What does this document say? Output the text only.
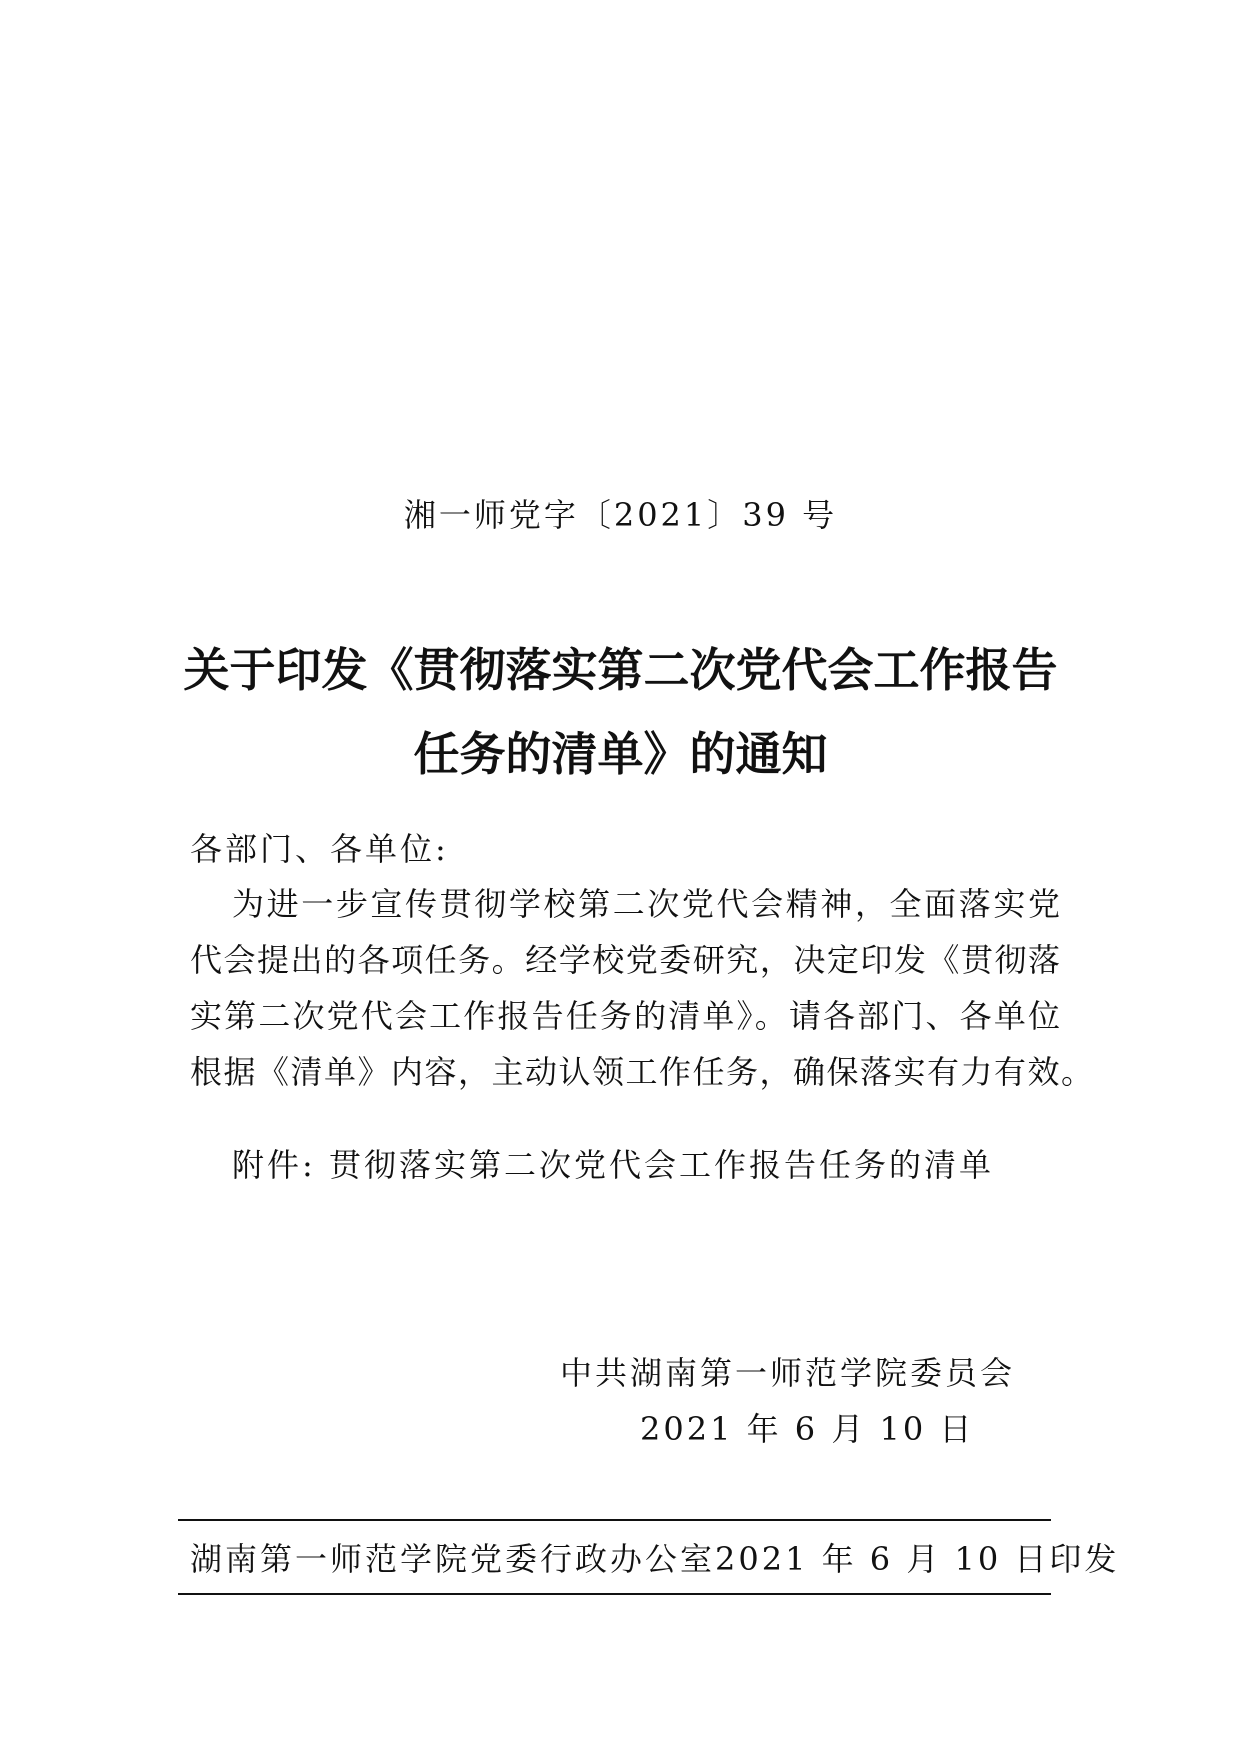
湘一师党字〔2021〕39 号
关于印发《贯彻落实第二次党代会工作报告
任务的清单》的通知
各部门、各单位:
为进一步宣传贯彻学校第二次党代会精神，全面落实党
代会提出的各项任务。经学校党委研究，决定印发《贯彻落
实第二次党代会工作报告任务的清单》。请各部门、各单位
根据《清单》内容，主动认领工作任务，确保落实有力有效。
附件: 贯彻落实第二次党代会工作报告任务的清单
中共湖南第一师范学院委员会
2021 年 6 月 10 日
湖南第一师范学院党委行政办公室 2021 年 6 月 10 日印发
